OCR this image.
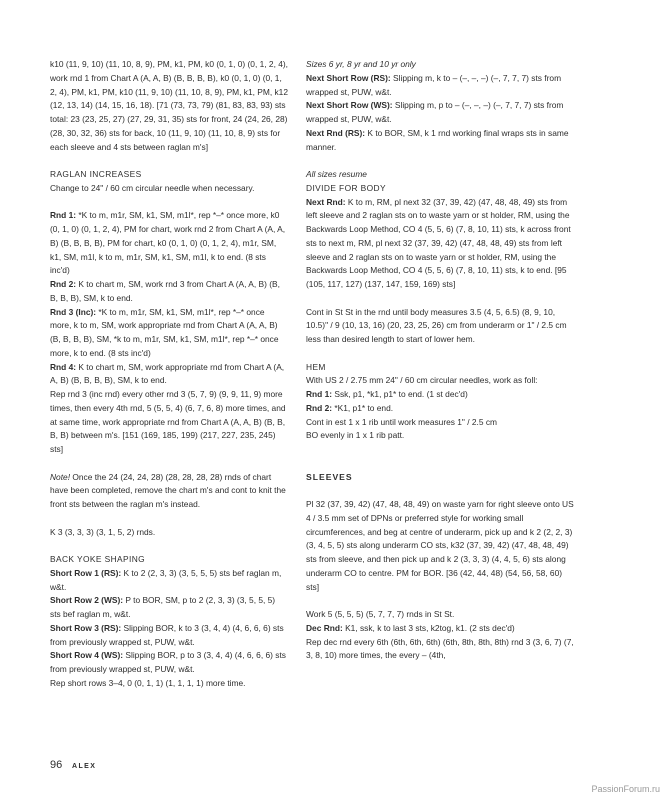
k10 (11, 9, 10) (11, 10, 8, 9), PM, k1, PM, k0 (0, 1, 0) (0, 1, 2, 4), work rnd 1 from Chart A (A, A, B) (B, B, B, B), k0 (0, 1, 0) (0, 1, 2, 4), PM, k1, PM, k10 (11, 9, 10) (11, 10, 8, 9), PM, k1, PM, k12 (12, 13, 14) (14, 15, 16, 18). [71 (73, 73, 79) (81, 83, 83, 93) sts total: 23 (23, 25, 27) (27, 29, 31, 35) sts for front, 24 (24, 26, 28) (28, 30, 32, 36) sts for back, 10 (11, 9, 10) (11, 10, 8, 9) sts for each sleeve and 4 sts between raglan m's]

RAGLAN INCREASES

Change to 24" / 60 cm circular needle when necessary.

Rnd 1: *K to m, m1r, SM, k1, SM, m1l*, rep *–* once more, k0 (0, 1, 0) (0, 1, 2, 4), PM for chart, work rnd 2 from Chart A (A, A, B) (B, B, B, B), PM for chart, k0 (0, 1, 0) (0, 1, 2, 4), m1r, SM, k1, SM, m1l, k to m, m1r, SM, k1, SM, m1l, k to end. (8 sts inc'd)

Rnd 2: K to chart m, SM, work rnd 3 from Chart A (A, A, B) (B, B, B, B), SM, k to end.

Rnd 3 (Inc): *K to m, m1r, SM, k1, SM, m1l*, rep *–* once more, k to m, SM, work appropriate rnd from Chart A (A, A, B) (B, B, B, B), SM, *k to m, m1r, SM, k1, SM, m1l*, rep *–* once more, k to end. (8 sts inc'd)

Rnd 4: K to chart m, SM, work appropriate rnd from Chart A (A, A, B) (B, B, B, B), SM, k to end.

Rep rnd 3 (inc rnd) every other rnd 3 (5, 7, 9) (9, 9, 11, 9) more times, then every 4th rnd, 5 (5, 5, 4) (6, 7, 6, 8) more times, and at same time, work appropriate rnd from Chart A (A, A, B) (B, B, B, B) between m's. [151 (169, 185, 199) (217, 227, 235, 245) sts]

Note! Once the 24 (24, 24, 28) (28, 28, 28, 28) rnds of chart have been completed, remove the chart m's and cont to knit the front sts between the raglan m's instead.

K 3 (3, 3, 3) (3, 1, 5, 2) rnds.

BACK YOKE SHAPING

Short Row 1 (RS): K to 2 (2, 3, 3) (3, 5, 5, 5) sts bef raglan m, w&t.

Short Row 2 (WS): P to BOR, SM, p to 2 (2, 3, 3) (3, 5, 5, 5) sts bef raglan m, w&t.

Short Row 3 (RS): Slipping BOR, k to 3 (3, 4, 4) (4, 6, 6, 6) sts from previously wrapped st, PUW, w&t.

Short Row 4 (WS): Slipping BOR, p to 3 (3, 4, 4) (4, 6, 6, 6) sts from previously wrapped st, PUW, w&t.

Rep short rows 3–4, 0 (0, 1, 1) (1, 1, 1, 1) more time.

Sizes 6 yr, 8 yr and 10 yr only

Next Short Row (RS): Slipping m, k to – (–, –, –) (–, 7, 7, 7) sts from wrapped st, PUW, w&t.

Next Short Row (WS): Slipping m, p to – (–, –, –) (–, 7, 7, 7) sts from wrapped st, PUW, w&t.

Next Rnd (RS): K to BOR, SM, k 1 rnd working final wraps sts in same manner.

All sizes resume

DIVIDE FOR BODY

Next Rnd: K to m, RM, pl next 32 (37, 39, 42) (47, 48, 48, 49) sts from left sleeve and 2 raglan sts on to waste yarn or st holder, RM, using the Backwards Loop Method, CO 4 (5, 5, 6) (7, 8, 10, 11) sts, k across front sts to next m, RM, pl next 32 (37, 39, 42) (47, 48, 48, 49) sts from left sleeve and 2 raglan sts on to waste yarn or st holder, RM, using the Backwards Loop Method, CO 4 (5, 5, 6) (7, 8, 10, 11) sts, k to end. [95 (105, 117, 127) (137, 147, 159, 169) sts]

Cont in St St in the rnd until body measures 3.5 (4, 5, 6.5) (8, 9, 10, 10.5)" / 9 (10, 13, 16) (20, 23, 25, 26) cm from underarm or 1" / 2.5 cm less than desired length to start of lower hem.

HEM

With US 2 / 2.75 mm 24" / 60 cm circular needles, work as foll:

Rnd 1: Ssk, p1, *k1, p1* to end. (1 st dec'd)

Rnd 2: *K1, p1* to end.

Cont in est 1 x 1 rib until work measures 1" / 2.5 cm

BO evenly in 1 x 1 rib patt.

SLEEVES

Pl 32 (37, 39, 42) (47, 48, 48, 49) on waste yarn for right sleeve onto US 4 / 3.5 mm set of DPNs or preferred style for working small circumferences, and beg at centre of underarm, pick up and k 2 (2, 2, 3) (3, 4, 5, 5) sts along underarm CO sts, k32 (37, 39, 42) (47, 48, 48, 49) sts from sleeve, and then pick up and k 2 (3, 3, 3) (4, 4, 5, 6) sts along underarm CO to centre. PM for BOR. [36 (42, 44, 48) (54, 56, 58, 60) sts]

Work 5 (5, 5, 5) (5, 7, 7, 7) rnds in St St.

Dec Rnd: K1, ssk, k to last 3 sts, k2tog, k1. (2 sts dec'd)

Rep dec rnd every 6th (6th, 6th, 6th) (6th, 8th, 8th, 8th) rnd 3 (3, 6, 7) (7, 3, 8, 10) more times, the every – (4th,

96 ALEX
PassionForum.ru
